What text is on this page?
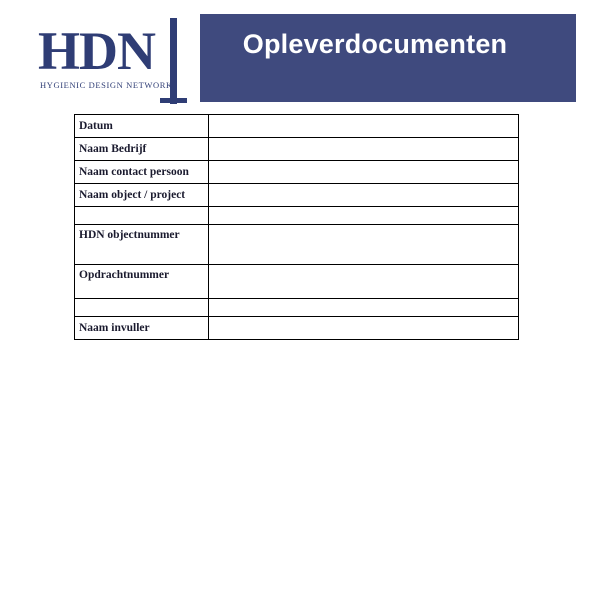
Opleverdocumenten
HDN
HYGIENIC DESIGN NETWORK
Datum	
Naam Bedrijf	
Naam contact persoon	
Naam object / project	

HDN objectnummer	
Opdrachtnummer	

Naam invuller	
